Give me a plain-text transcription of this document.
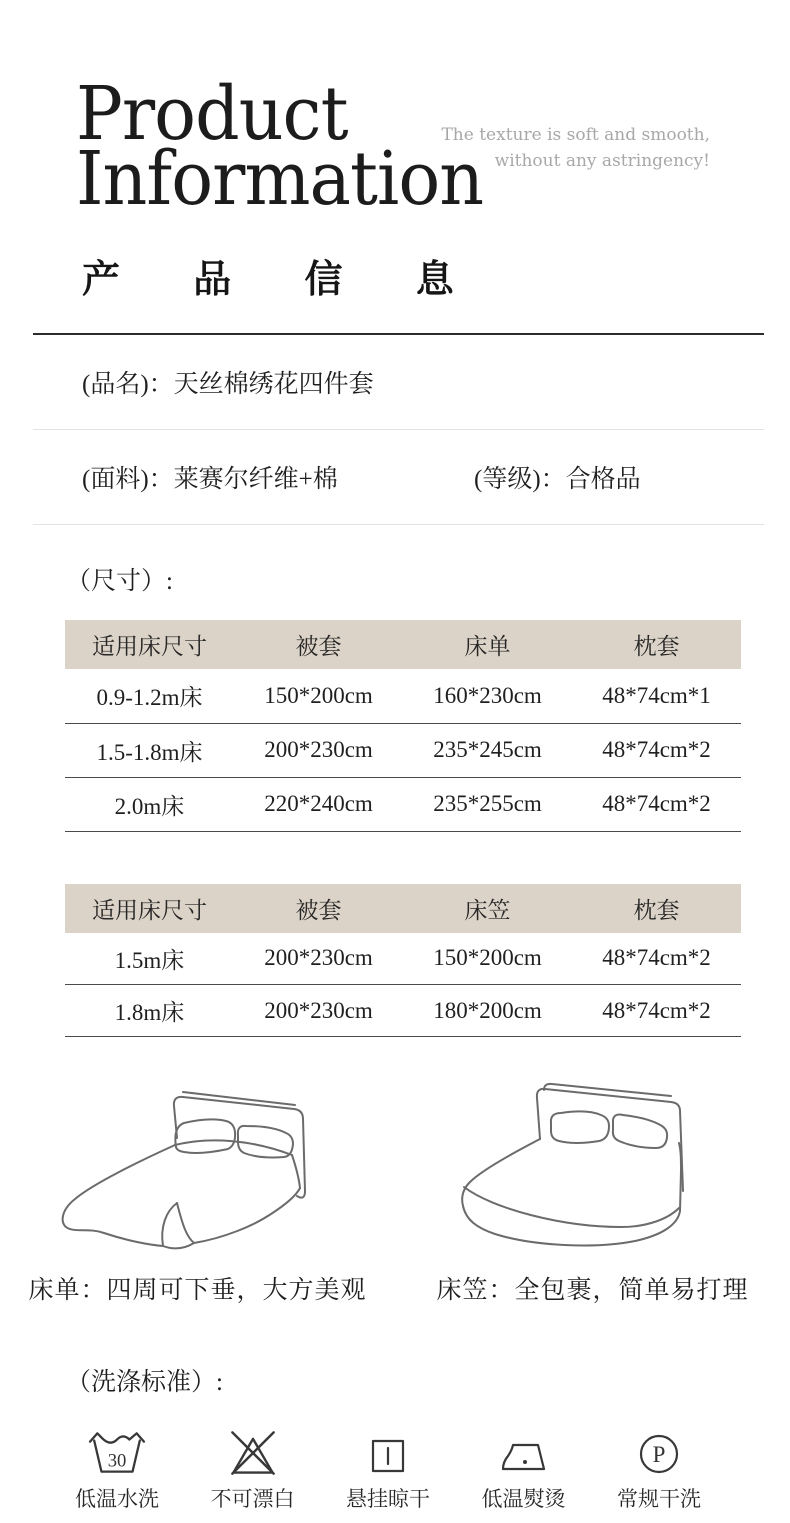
Product
Information
The texture is soft and smooth,
without any astringency!
产 品 信 息
(品名)：天丝棉绣花四件套
(面料)：莱赛尔纤维+棉	(等级)：合格品
（尺寸）:
适用床尺寸	被套	床单	枕套
0.9-1.2m床	150*200cm	160*230cm	48*74cm*1
1.5-1.8m床	200*230cm	235*245cm	48*74cm*2
2.0m床	220*240cm	235*255cm	48*74cm*2
适用床尺寸	被套	床笠	枕套
1.5m床	200*230cm	150*200cm	48*74cm*2
1.8m床	200*230cm	180*200cm	48*74cm*2
床单：四周可下垂，大方美观	床笠：全包裹，简单易打理
（洗涤标准）:
30
低温水洗 不可漂白 悬挂晾干 低温熨烫
P
常规干洗
